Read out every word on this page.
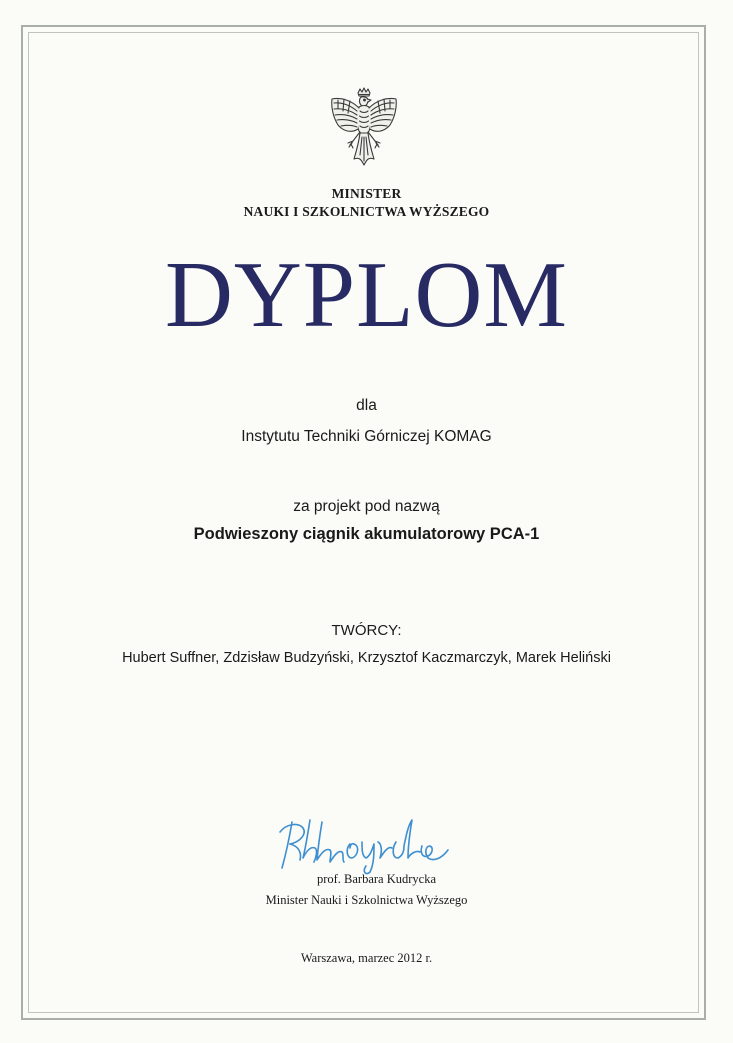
MINISTER

NAUKI I SZKOLNICTWA WYŻSZEGO

DYPLOM

dla

Instytutu Techniki Górniczej KOMAG

za projekt pod nazwą

Podwieszony ciągnik akumulatorowy PCA-1

TWÓRCY:

Hubert Suffner, Zdzisław Budzyński, Krzysztof Kaczmarczyk, Marek Heliński

prof. Barbara Kudrycka

Minister Nauki i Szkolnictwa Wyższego

Warszawa, marzec 2012 r.
